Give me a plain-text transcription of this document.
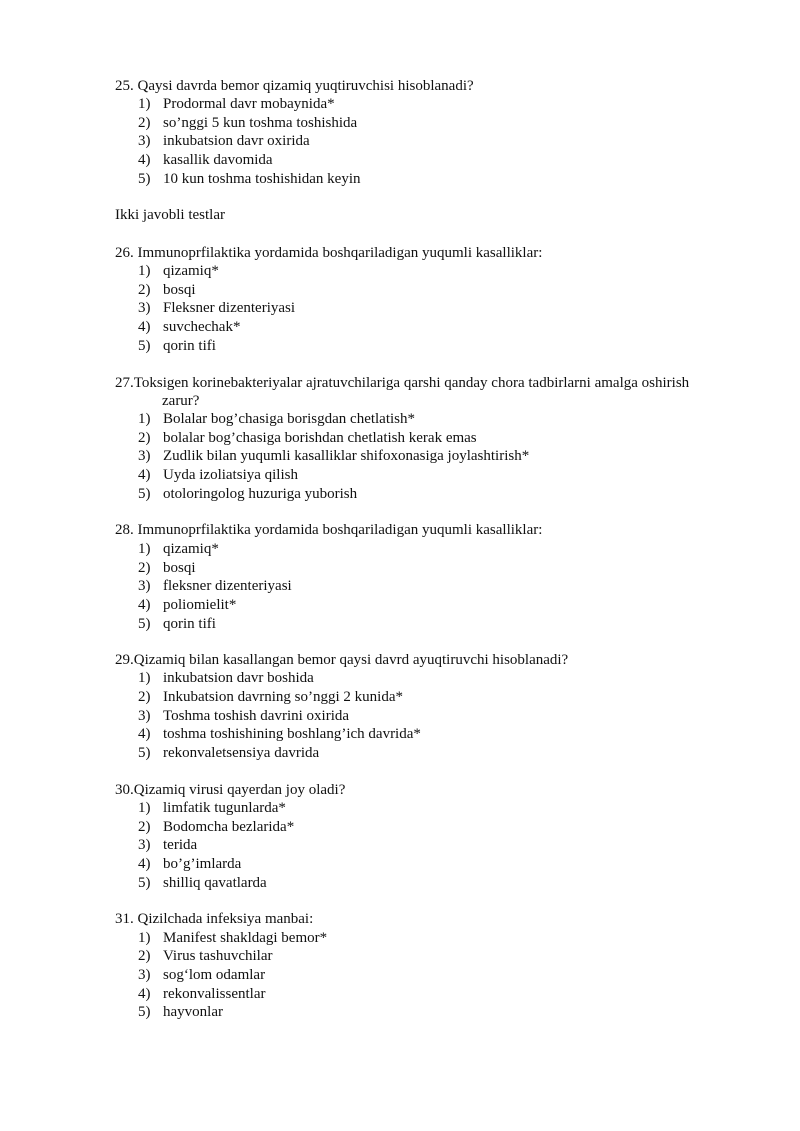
25. Qaysi davrda bemor qizamiq yuqtiruvchisi hisoblanadi?
1) Prodormal davr mobaynida*
2) so’nggi 5 kun toshma toshishida
3) inkubatsion davr oxirida
4) kasallik davomida
5) 10 kun toshma toshishidan keyin
Ikki javobli testlar
26. Immunoprfilaktika yordamida boshqariladigan yuqumli kasalliklar:
1) qizamiq*
2) bosqi
3) Fleksner dizenteriyasi
4) suvchechak*
5) qorin tifi
27.Toksigen korinebakteriyalar ajratuvchilariga qarshi qanday chora tadbirlarni amalga oshirish
zarur?
1) Bolalar bog’chasiga borisgdan chetlatish*
2) bolalar bog’chasiga borishdan chetlatish kerak emas
3) Zudlik bilan yuqumli kasalliklar shifoxonasiga joylashtirish*
4) Uyda izoliatsiya qilish
5) otoloringolog huzuriga yuborish
28. Immunoprfilaktika yordamida boshqariladigan yuqumli kasalliklar:
1) qizamiq*
2) bosqi
3) fleksner dizenteriyasi
4) poliomielit*
5) qorin tifi
29.Qizamiq bilan kasallangan bemor qaysi davrd ayuqtiruvchi hisoblanadi?
1) inkubatsion davr boshida
2) Inkubatsion davrning so’nggi 2 kunida*
3) Toshma toshish davrini oxirida
4) toshma toshishining boshlang’ich davrida*
5) rekonvaletsensiya davrida
30.Qizamiq virusi qayerdan joy oladi?
1) limfatik tugunlarda*
2) Bodomcha bezlarida*
3) terida
4) bo’g’imlarda
5) shilliq qavatlarda
31. Qizilchada infeksiya manbai:
1) Manifest shakldagi bemor*
2) Virus tashuvchilar
3) sog‘lom odamlar
4) rekonvalissentlar
5) hayvonlar
